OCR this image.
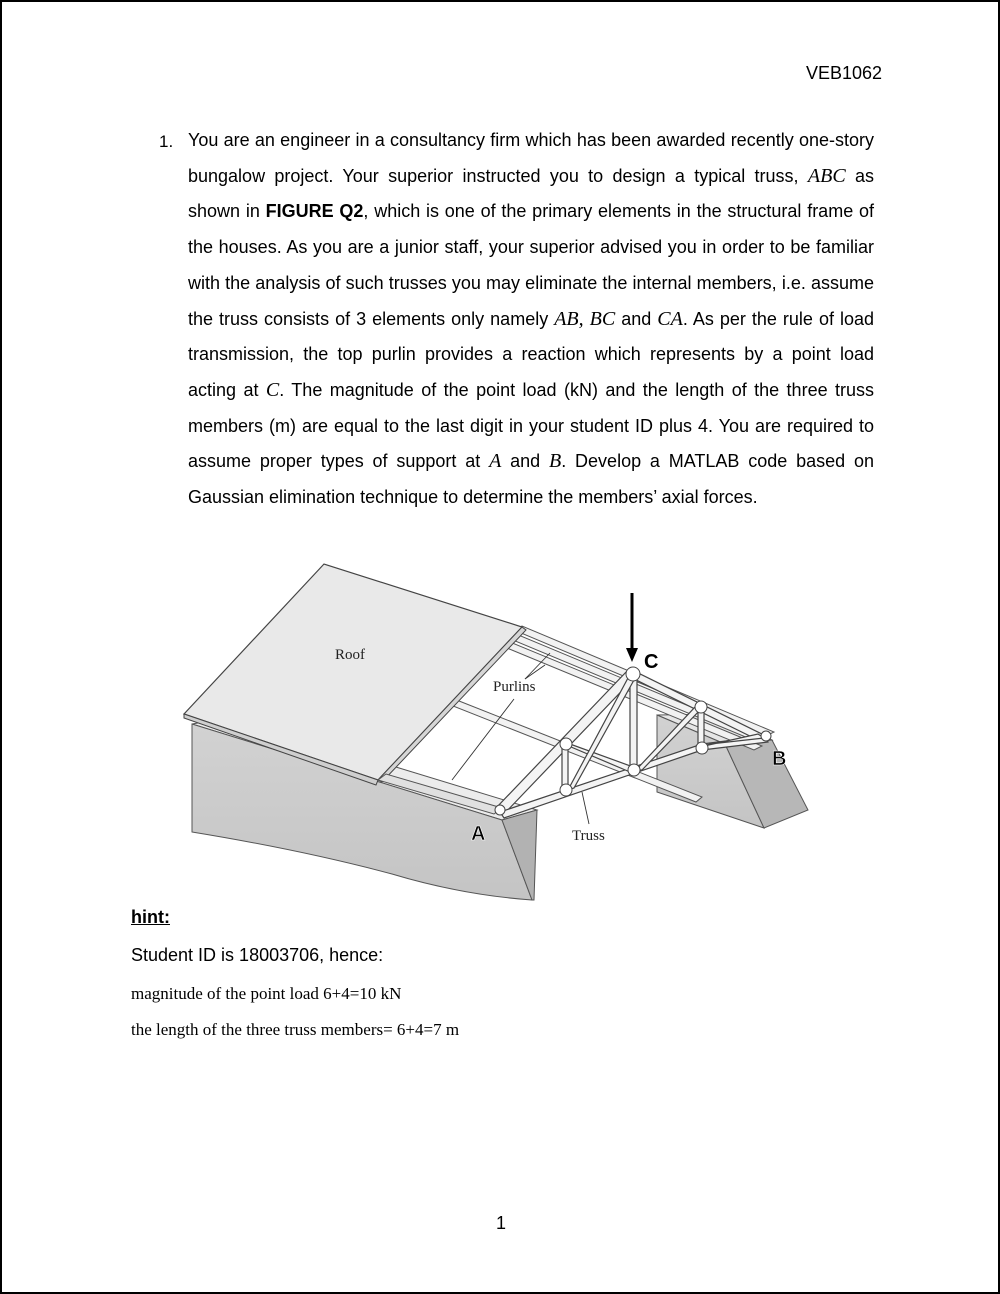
VEB1062
1. You are an engineer in a consultancy firm which has been awarded recently one-story bungalow project. Your superior instructed you to design a typical truss, ABC as shown in FIGURE Q2, which is one of the primary elements in the structural frame of the houses. As you are a junior staff, your superior advised you in order to be familiar with the analysis of such trusses you may eliminate the internal members, i.e. assume the truss consists of 3 elements only namely AB, BC and CA. As per the rule of load transmission, the top purlin provides a reaction which represents by a point load acting at C. The magnitude of the point load (kN) and the length of the three truss members (m) are equal to the last digit in your student ID plus 4. You are required to assume proper types of support at A and B. Develop a MATLAB code based on Gaussian elimination technique to determine the members’ axial forces.

Roof
Purlins
Truss
A
B
C
hint:
Student ID is 18003706, hence:
magnitude of the point load 6+4=10 kN
the length of the three truss members= 6+4=7 m
1
